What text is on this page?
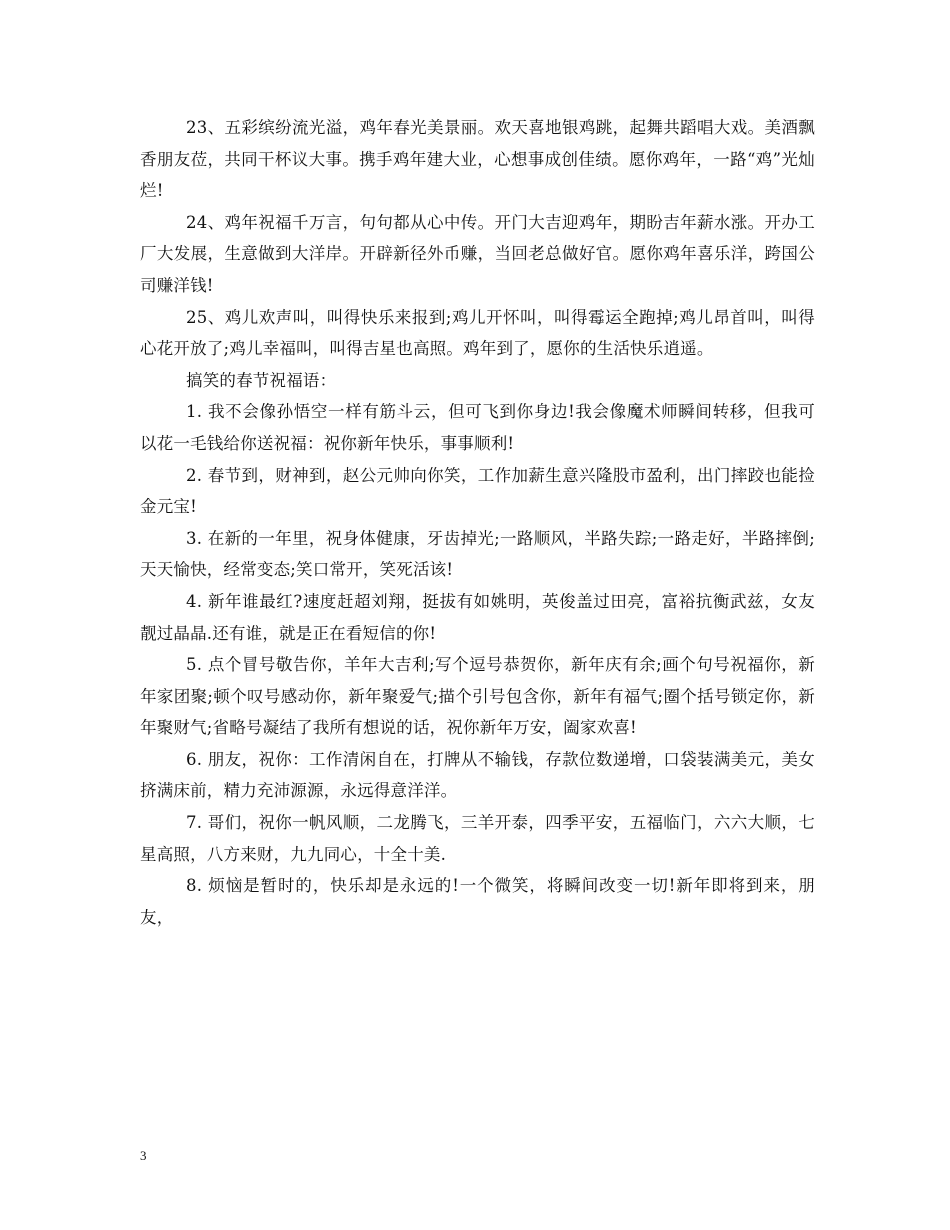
23、五彩缤纷流光溢，鸡年春光美景丽。欢天喜地银鸡跳，起舞共蹈唱大戏。美酒飘香朋友莅，共同干杯议大事。携手鸡年建大业，心想事成创佳绩。愿你鸡年，一路“鸡”光灿烂!

24、鸡年祝福千万言，句句都从心中传。开门大吉迎鸡年，期盼吉年薪水涨。开办工厂大发展，生意做到大洋岸。开辟新径外币赚，当回老总做好官。愿你鸡年喜乐洋，跨国公司赚洋钱!

25、鸡儿欢声叫，叫得快乐来报到;鸡儿开怀叫，叫得霉运全跑掉;鸡儿昂首叫，叫得心花开放了;鸡儿幸福叫，叫得吉星也高照。鸡年到了，愿你的生活快乐逍遥。

搞笑的春节祝福语：

1. 我不会像孙悟空一样有筋斗云，但可飞到你身边!我会像魔术师瞬间转移，但我可以花一毛钱给你送祝福：祝你新年快乐，事事顺利!

2. 春节到，财神到，赵公元帅向你笑，工作加薪生意兴隆股市盈利，出门摔跤也能捡金元宝!

3. 在新的一年里，祝身体健康，牙齿掉光;一路顺风，半路失踪;一路走好，半路摔倒;天天愉快，经常变态;笑口常开，笑死活该!

4. 新年谁最红?速度赶超刘翔，挺拔有如姚明，英俊盖过田亮，富裕抗衡武兹，女友靓过晶晶.还有谁，就是正在看短信的你!

5. 点个冒号敬告你，羊年大吉利;写个逗号恭贺你，新年庆有余;画个句号祝福你，新年家团聚;顿个叹号感动你，新年聚爱气;描个引号包含你，新年有福气;圈个括号锁定你，新年聚财气;省略号凝结了我所有想说的话，祝你新年万安，阖家欢喜!

6. 朋友，祝你：工作清闲自在，打牌从不输钱，存款位数递增，口袋装满美元，美女挤满床前，精力充沛源源，永远得意洋洋。

7. 哥们，祝你一帆风顺，二龙腾飞，三羊开泰，四季平安，五福临门，六六大顺，七星高照，八方来财，九九同心，十全十美.

8. 烦恼是暂时的，快乐却是永远的!一个微笑，将瞬间改变一切!新年即将到来，朋友，

3
